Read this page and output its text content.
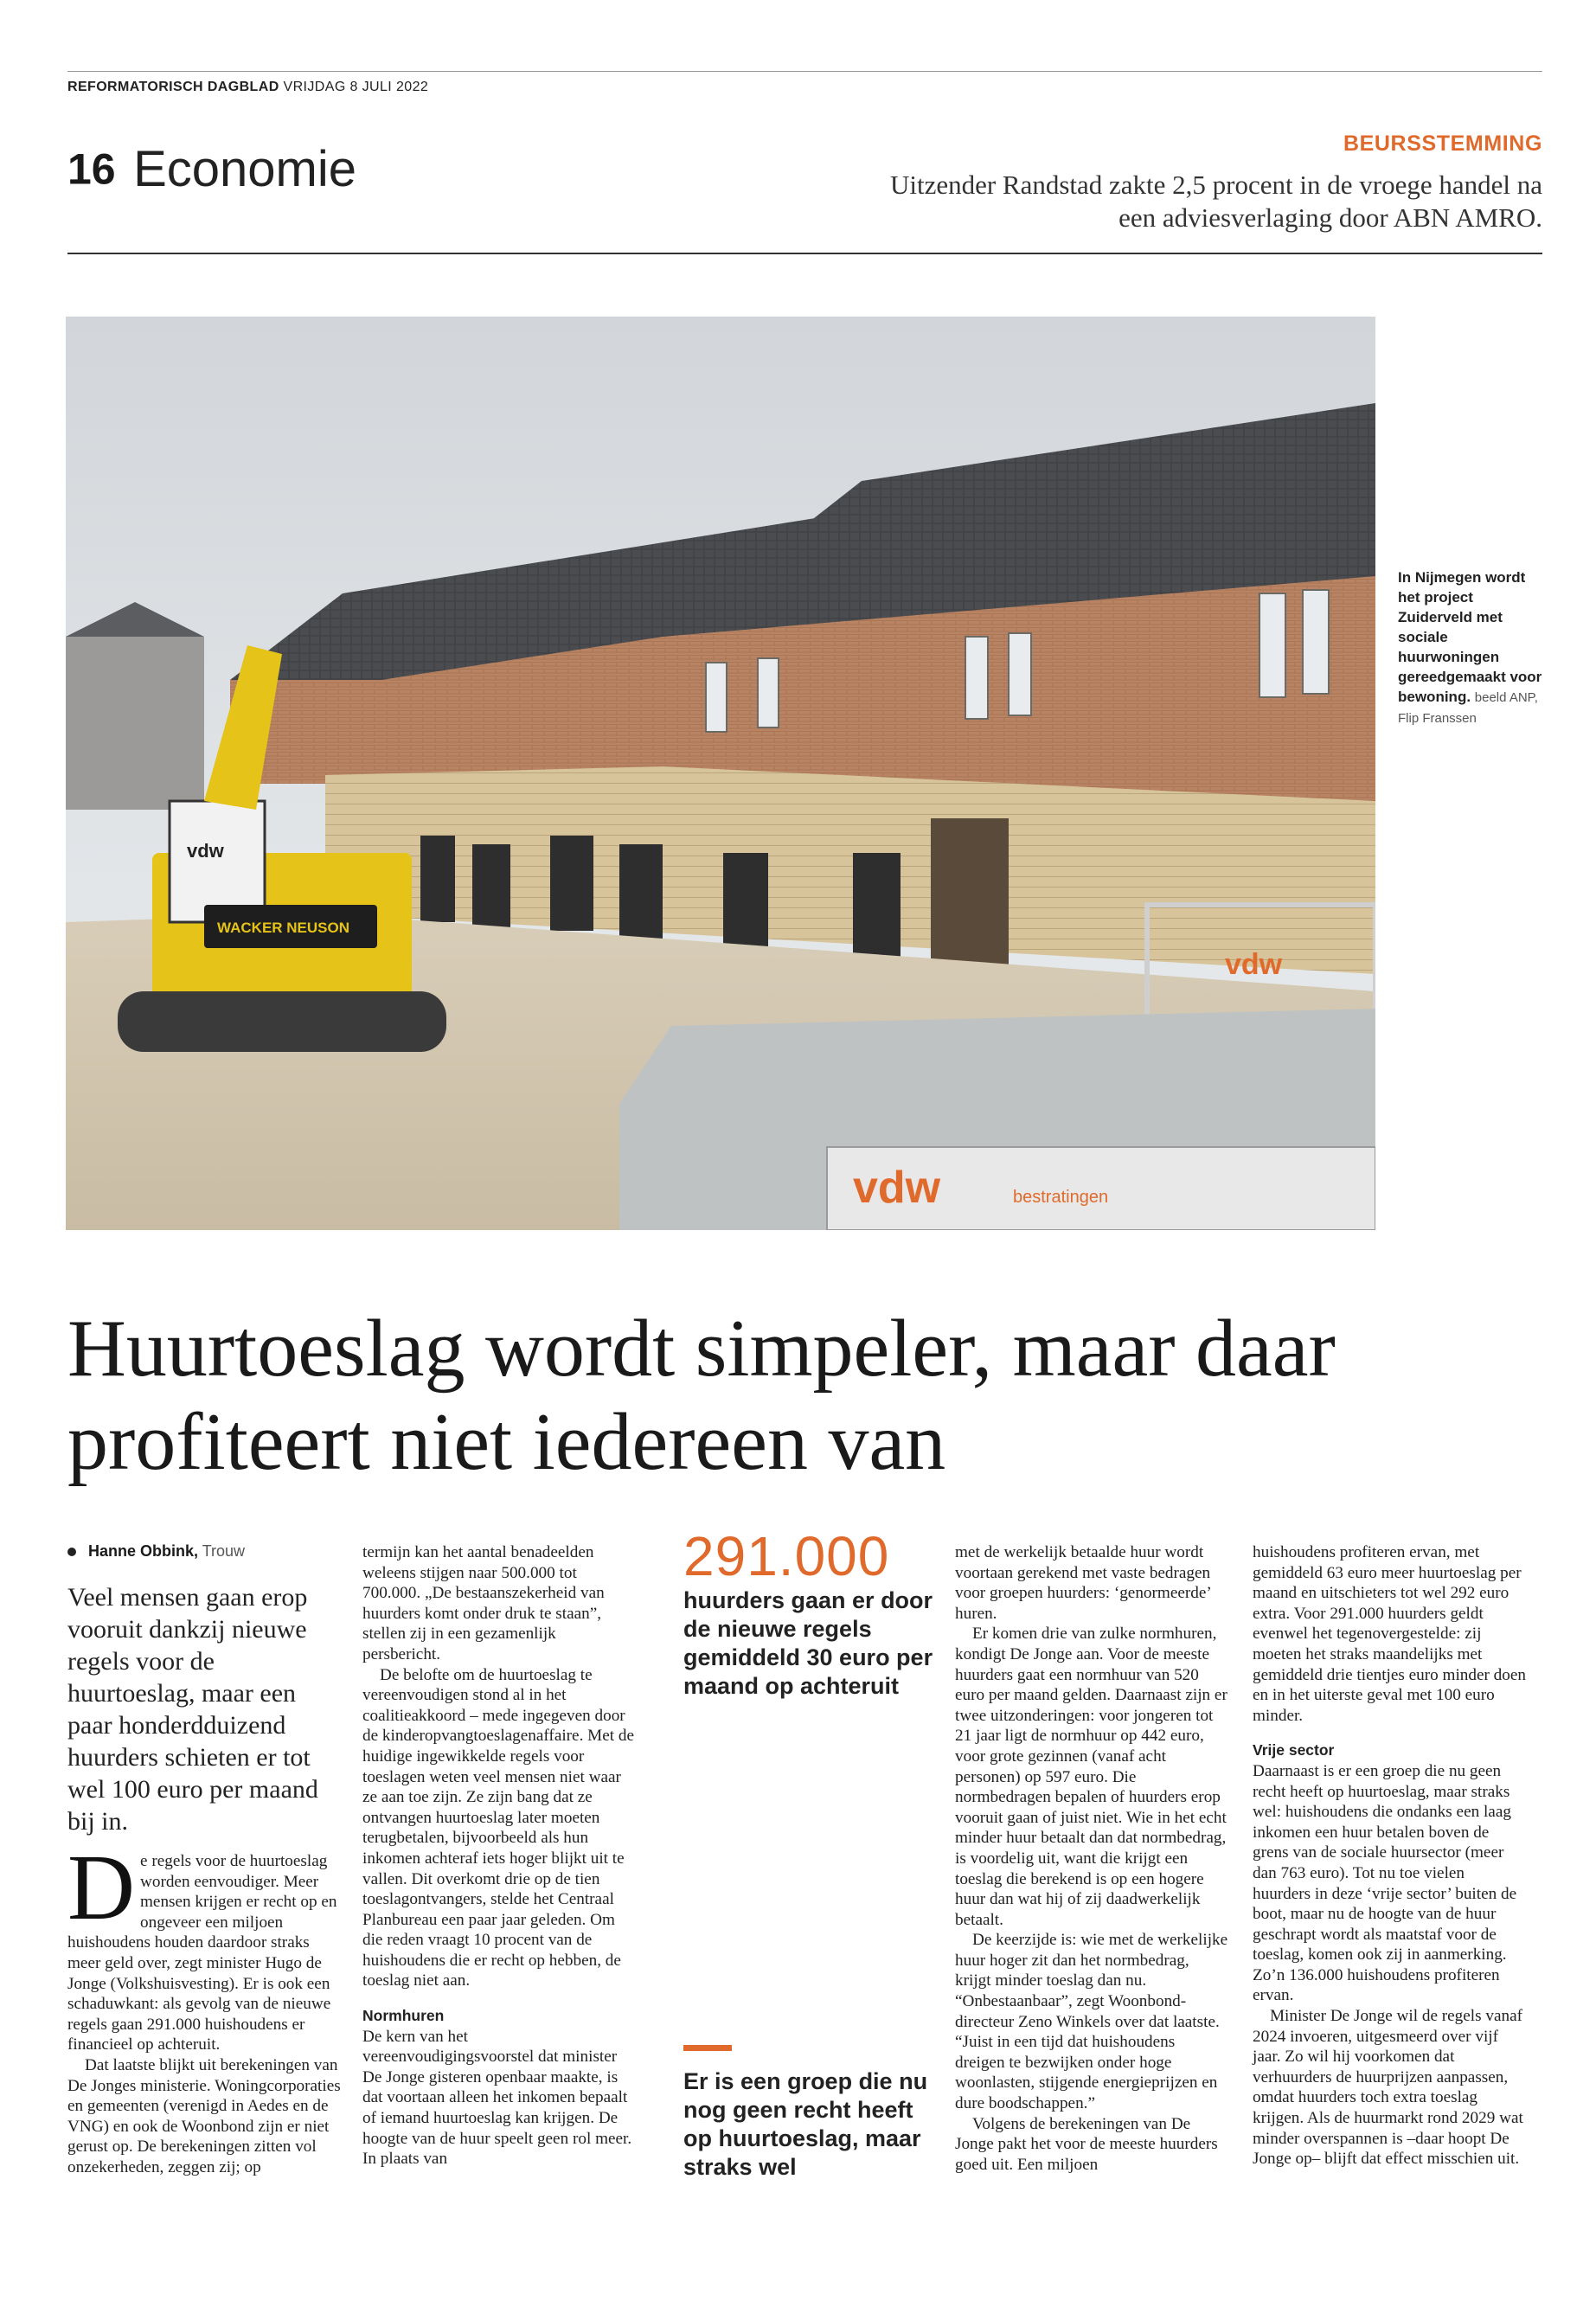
REFORMATORISCH DAGBLAD VRIJDAG 8 JULI 2022
16 Economie	BEURSSTEMMING
Uitzender Randstad zakte 2,5 procent in de vroege handel na een adviesverlaging door ABN AMRO.
vdw
WACKER NEUSON
vdw
vdw	bestratingen
In Nijmegen wordt het project Zuiderveld met sociale huurwoningen gereedgemaakt voor bewoning. beeld ANP, Flip Franssen
Huurtoeslag wordt simpeler, maar daar profiteert niet iedereen van
Hanne Obbink, Trouw
Veel mensen gaan erop vooruit dankzij nieuwe regels voor de huurtoeslag, maar een paar honderdduizend huurders schieten er tot wel 100 euro per maand bij in.

De regels voor de huurtoeslag worden eenvoudiger. Meer mensen krijgen er recht op en ongeveer een miljoen huishoudens houden daardoor straks meer geld over, zegt minister Hugo de Jonge (Volkshuisvesting). Er is ook een schaduwkant: als gevolg van de nieuwe regels gaan 291.000 huishoudens er financieel op achteruit.

Dat laatste blijkt uit berekeningen van De Jonges ministerie. Woningcorporaties en gemeenten (verenigd in Aedes en de VNG) en ook de Woonbond zijn er niet gerust op. De berekeningen zitten vol onzekerheden, zeggen zij; op

termijn kan het aantal benadeelden weleens stijgen naar 500.000 tot 700.000. „De bestaanszekerheid van huurders komt onder druk te staan”, stellen zij in een gezamenlijk persbericht.

De belofte om de huurtoeslag te vereenvoudigen stond al in het coalitieakkoord – mede ingegeven door de kinderopvangtoeslagenaffaire. Met de huidige ingewikkelde regels voor toeslagen weten veel mensen niet waar ze aan toe zijn. Ze zijn bang dat ze ontvangen huurtoeslag later moeten terugbetalen, bijvoorbeeld als hun inkomen achteraf iets hoger blijkt uit te vallen. Dit overkomt drie op de tien toeslagontvangers, stelde het Centraal Planbureau een paar jaar geleden. Om die reden vraagt 10 procent van de huishoudens die er recht op hebben, de toeslag niet aan.

Normhuren

De kern van het vereenvoudigingsvoorstel dat minister De Jonge gisteren openbaar maakte, is dat voortaan alleen het inkomen bepaalt of iemand huurtoeslag kan krijgen. De hoogte van de huur speelt geen rol meer. In plaats van

291.000
huurders gaan er door de nieuwe regels gemiddeld 30 euro per maand op achteruit
Er is een groep die nu nog geen recht heeft op huurtoeslag, maar straks wel

met de werkelijk betaalde huur wordt voortaan gerekend met vaste bedragen voor groepen huurders: ‘genormeerde’ huren.

Er komen drie van zulke normhuren, kondigt De Jonge aan. Voor de meeste huurders gaat een normhuur van 520 euro per maand gelden. Daarnaast zijn er twee uitzonderingen: voor jongeren tot 21 jaar ligt de normhuur op 442 euro, voor grote gezinnen (vanaf acht personen) op 597 euro. Die normbedragen bepalen of huurders erop vooruit gaan of juist niet. Wie in het echt minder huur betaalt dan dat normbedrag, is voordelig uit, want die krijgt een toeslag die berekend is op een hogere huur dan wat hij of zij daadwerkelijk betaalt.

De keerzijde is: wie met de werkelijke huur hoger zit dan het normbedrag, krijgt minder toeslag dan nu. “Onbestaanbaar”, zegt Woonbond- directeur Zeno Winkels over dat laatste. “Juist in een tijd dat huishoudens dreigen te bezwijken onder hoge woonlasten, stijgende energieprijzen en dure boodschappen.”

Volgens de berekeningen van De Jonge pakt het voor de meeste huurders goed uit. Een miljoen

huishoudens profiteren ervan, met gemiddeld 63 euro meer huurtoeslag per maand en uitschieters tot wel 292 euro extra. Voor 291.000 huurders geldt evenwel het tegenovergestelde: zij moeten het straks maandelijks met gemiddeld drie tientjes euro minder doen en in het uiterste geval met 100 euro minder.

Vrije sector

Daarnaast is er een groep die nu geen recht heeft op huurtoeslag, maar straks wel: huishoudens die ondanks een laag inkomen een huur betalen boven de grens van de sociale huursector (meer dan 763 euro). Tot nu toe vielen huurders in deze ‘vrije sector’ buiten de boot, maar nu de hoogte van de huur geschrapt wordt als maatstaf voor de toeslag, komen ook zij in aanmerking. Zo’n 136.000 huishoudens profiteren ervan.

Minister De Jonge wil de regels vanaf 2024 invoeren, uitgesmeerd over vijf jaar. Zo wil hij voorkomen dat verhuurders de huurprijzen aanpassen, omdat huurders toch extra toeslag krijgen. Als de huurmarkt rond 2029 wat minder overspannen is –daar hoopt De Jonge op– blijft dat effect misschien uit.
